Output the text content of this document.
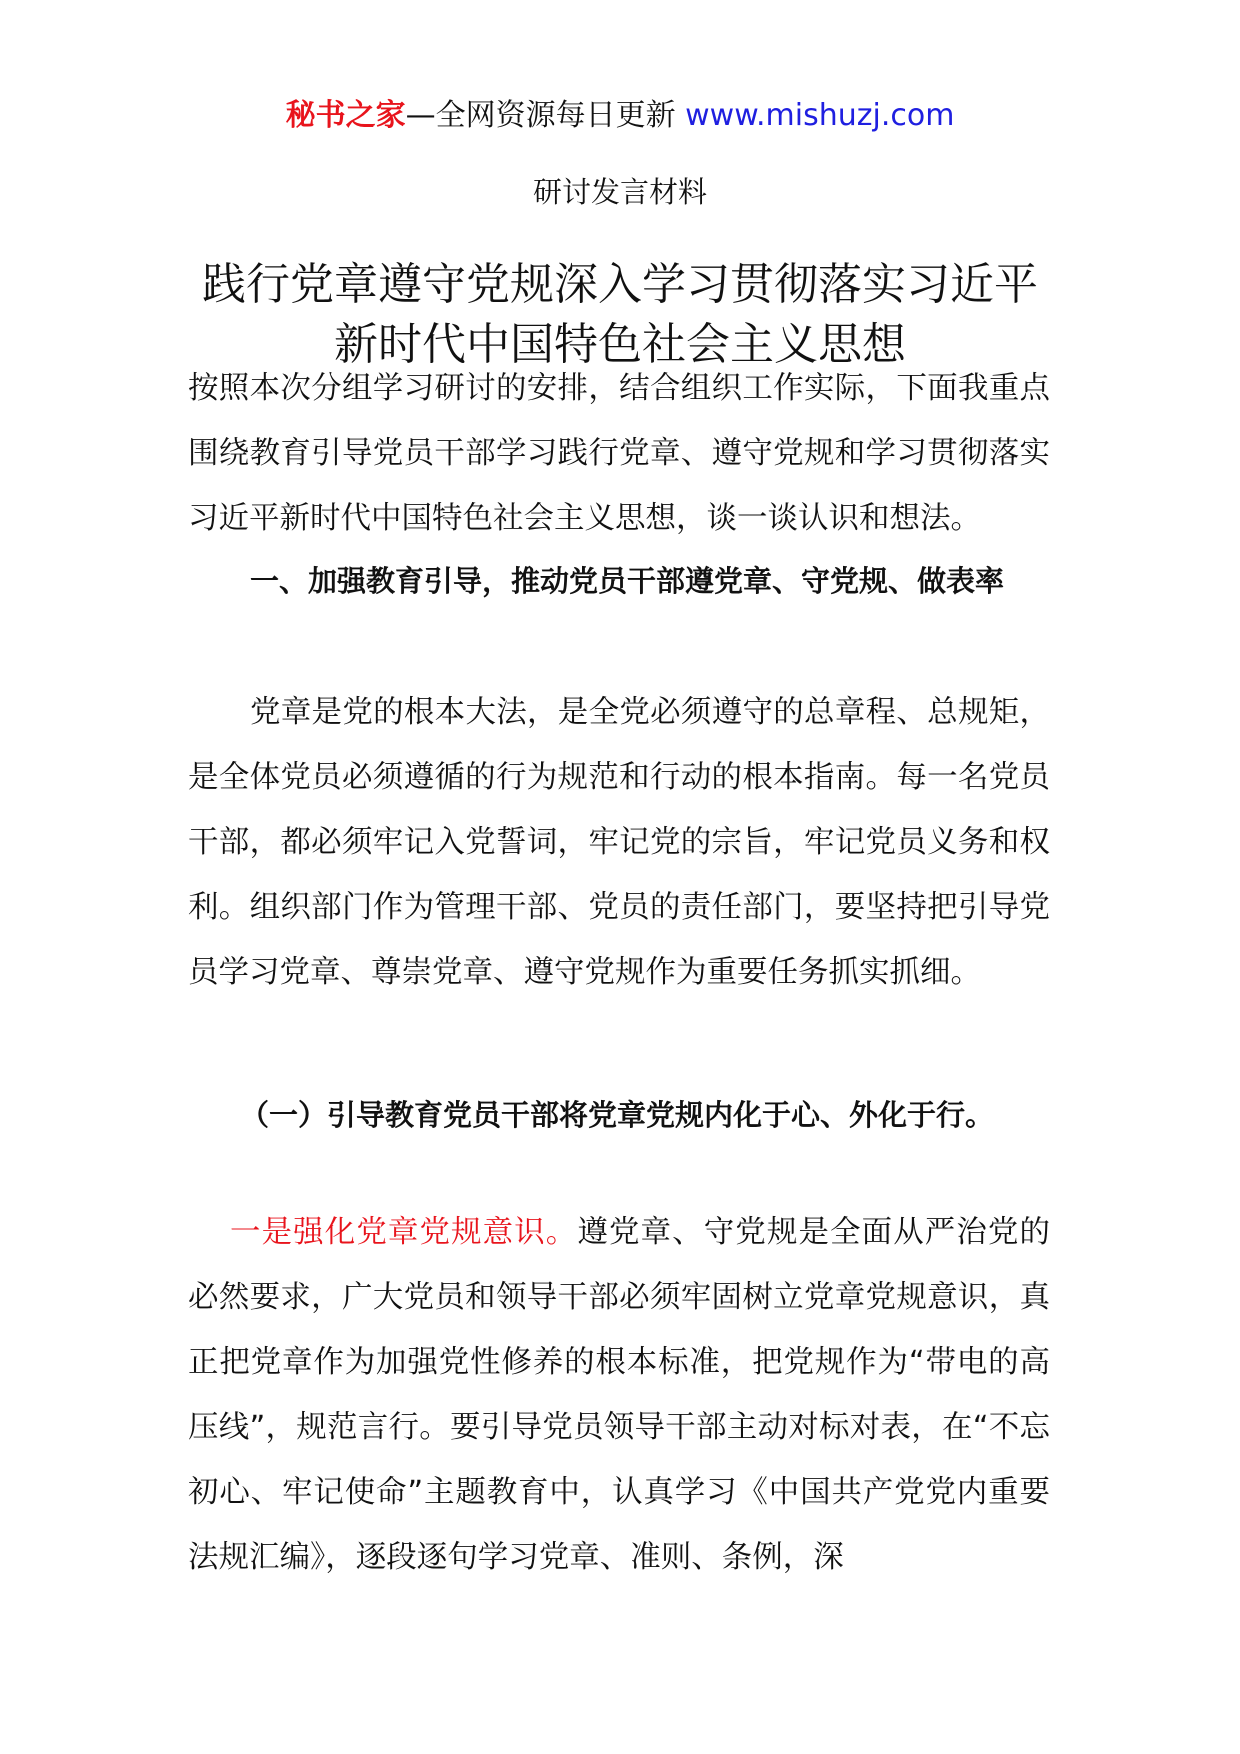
秘书之家—全网资源每日更新 www.mishuzj.com
研讨发言材料
践行党章遵守党规深入学习贯彻落实习近平新时代中国特色社会主义思想

按照本次分组学习研讨的安排，结合组织工作实际，下面我重点围绕教育引导党员干部学习践行党章、遵守党规和学习贯彻落实习近平新时代中国特色社会主义思想，谈一谈认识和想法。

一、加强教育引导，推动党员干部遵党章、守党规、做表率

党章是党的根本大法，是全党必须遵守的总章程、总规矩，是全体党员必须遵循的行为规范和行动的根本指南。每一名党员干部，都必须牢记入党誓词，牢记党的宗旨，牢记党员义务和权利。组织部门作为管理干部、党员的责任部门，要坚持把引导党员学习党章、尊崇党章、遵守党规作为重要任务抓实抓细。

（一）引导教育党员干部将党章党规内化于心、外化于行。

一是强化党章党规意识。遵党章、守党规是全面从严治党的必然要求，广大党员和领导干部必须牢固树立党章党规意识，真正把党章作为加强党性修养的根本标准，把党规作为“带电的高压线”，规范言行。要引导党员领导干部主动对标对表，在“不忘初心、牢记使命”主题教育中，认真学习《中国共产党党内重要法规汇编》，逐段逐句学习党章、准则、条例，深
